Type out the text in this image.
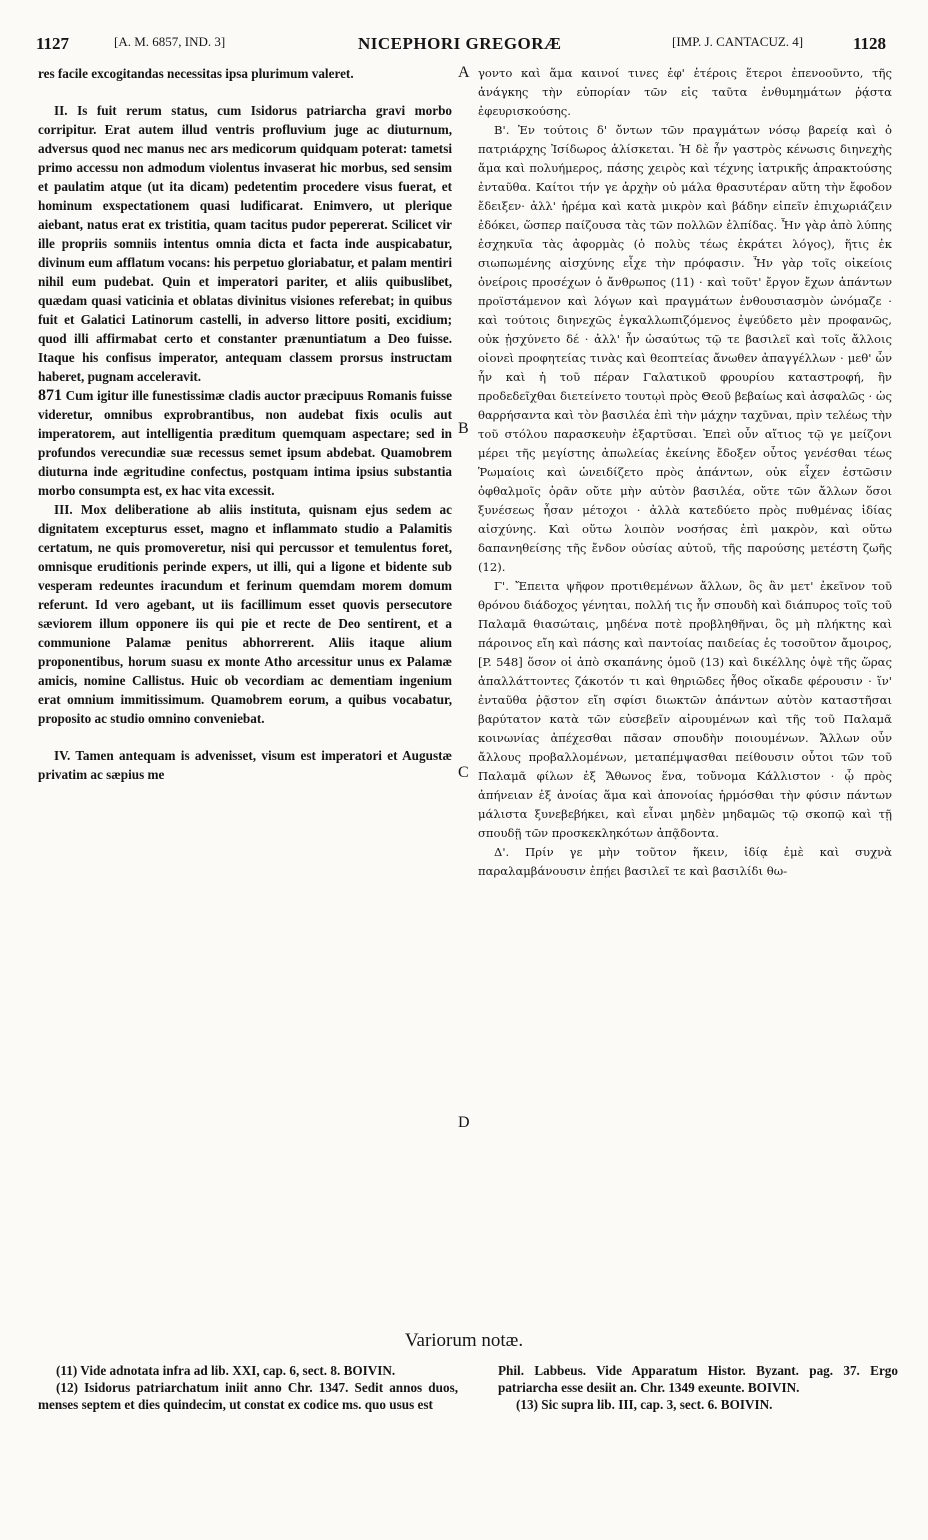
1127	[A. M. 6857, IND. 3]	NICEPHORI GREGORÆ	[IMP. J. CANTACUZ. 4]	1128

res facile excogitandas necessitas ipsa plurimum valeret.

II. Is fuit rerum status, cum Isidorus patriarcha gravi morbo corripitur. Erat autem illud ventris profluvium juge ac diuturnum, adversus quod nec manus nec ars medicorum quidquam poterat: tametsi primo accessu non admodum violentus invaserat hic morbus, sed sensim et paulatim atque (ut ita dicam) pedetentim procedere visus fuerat, et hominum exspectationem quasi ludificarat. Enimvero, ut plerique aiebant, natus erat ex tristitia, quam tacitus pudor pepererat. Scilicet vir ille propriis somniis intentus omnia dicta et facta inde auspicabatur, divinum eum afflatum vocans: his perpetuo gloriabatur, et palam mentiri nihil eum pudebat. Quin et imperatori pariter, et aliis quibuslibet, quædam quasi vaticinia et oblatas divinitus visiones referebat; in quibus fuit et Galatici Latinorum castelli, in adverso littore positi, excidium; quod illi affirmabat certo et constanter prænuntiatum a Deo fuisse. Itaque his confisus imperator, antequam classem prorsus instructam haberet, pugnam acceleravit.

871 Cum igitur ille funestissimæ cladis auctor præcipuus Romanis fuisse videretur, omnibus exprobrantibus, non audebat fixis oculis aut imperatorem, aut intelligentia præditum quemquam aspectare; sed in profundos verecundiæ suæ recessus semet ipsum abdebat. Quamobrem diuturna inde ægritudine confectus, postquam intima ipsius substantia morbo consumpta est, ex hac vita excessit.

III. Mox deliberatione ab aliis instituta, quisnam ejus sedem ac dignitatem excepturus esset, magno et inflammato studio a Palamitis certatum, ne quis promoveretur, nisi qui percussor et temulentus foret, omnisque eruditionis perinde expers, ut illi, qui a ligone et bidente sub vesperam redeuntes iracundum et ferinum quemdam morem domum referunt. Id vero agebant, ut iis facillimum esset quovis persecutore sæviorem illum opponere iis qui pie et recte de Deo sentirent, et a communione Palamæ penitus abhorrerent. Aliis itaque alium proponentibus, horum suasu ex monte Atho arcessitur unus ex Palamæ amicis, nomine Callistus. Huic ob vecordiam ac dementiam ingenium erat omnium immitissimum. Quamobrem eorum, a quibus vocabatur, proposito ac studio omnino conveniebat.

IV. Tamen antequam is advenisset, visum est imperatori et Augustæ privatim ac sæpius me

A
B
C
D

γοντο καὶ ἅμα καινοί τινες ἐφ' ἑτέροις ἕτεροι ἐπενοοῦντο, τῆς ἀνάγκης τὴν εὐπορίαν τῶν εἰς ταῦτα ἐνθυμημάτων ῥᾴστα ἐφευρισκούσης.

Β'. Ἐν τούτοις δ' ὄντων τῶν πραγμάτων νόσῳ βαρείᾳ καὶ ὁ πατριάρχης Ἰσίδωρος ἁλίσκεται. Ἡ δὲ ἦν γαστρὸς κένωσις διηνεχὴς ἅμα καὶ πολυήμερος, πάσης χειρὸς καὶ τέχνης ἰατρικῆς ἀπρακτούσης ἐνταῦθα. Καίτοι τήν γε ἀρχὴν οὐ μάλα θρασυτέραν αὕτη τὴν ἔφοδον ἔδειξεν· ἀλλ' ἠρέμα καὶ κατὰ μικρὸν καὶ βάδην εἰπεῖν ἐπιχωριάζειν ἐδόκει, ὥσπερ παίζουσα τὰς τῶν πολλῶν ἐλπίδας. Ἦν γὰρ ἀπὸ λύπης ἐσχηκυῖα τὰς ἀφορμὰς (ὁ πολὺς τέως ἐκράτει λόγος), ἥτις ἐκ σιωπωμένης αἰσχύνης εἶχε τὴν πρόφασιν. Ἦν γὰρ τοῖς οἰκείοις ὀνείροις προσέχων ὁ ἄνθρωπος (11) · καὶ τοῦτ' ἔργον ἔχων ἁπάντων προϊστάμενον καὶ λόγων καὶ πραγμάτων ἐνθουσιασμὸν ὠνόμαζε · καὶ τούτοις διηνεχῶς ἐγκαλλωπιζόμενος ἐψεύδετο μὲν προφανῶς, οὐκ ᾐσχύνετο δέ · ἀλλ' ἦν ὡσαύτως τῷ τε βασιλεῖ καὶ τοῖς ἄλλοις οἱονεὶ προφητείας τινὰς καὶ θεοπτείας ἄνωθεν ἀπαγγέλλων · μεθ' ὧν ἦν καὶ ἡ τοῦ πέραν Γαλατικοῦ φρουρίου καταστροφή, ἣν προδεδεῖχθαι διετείνετο τουτῳὶ πρὸς Θεοῦ βεβαίως καὶ ἀσφαλῶς · ὡς θαρρήσαντα καὶ τὸν βασιλέα ἐπὶ τὴν μάχην ταχῦναι, πρὶν τελέως τὴν τοῦ στόλου παρασκευὴν ἐξαρτῦσαι. Ἐπεὶ οὖν αἴτιος τῷ γε μείζονι μέρει τῆς μεγίστης ἀπωλείας ἐκείνης ἔδοξεν οὗτος γενέσθαι τέως Ῥωμαίοις καὶ ὠνειδίζετο πρὸς ἁπάντων, οὐκ εἶχεν ἐστῶσιν ὀφθαλμοῖς ὁρᾶν οὔτε μὴν αὐτὸν βασιλέα, οὔτε τῶν ἄλλων ὅσοι ξυνέσεως ἦσαν μέτοχοι · ἀλλὰ κατεδύετο πρὸς πυθμένας ἰδίας αἰσχύνης. Καὶ οὕτω λοιπὸν νοσήσας ἐπὶ μακρὸν, καὶ οὕτω δαπανηθείσης τῆς ἔνδον οὐσίας αὐτοῦ, τῆς παρούσης μετέστη ζωῆς (12).

Γ'. Ἔπειτα ψῆφον προτιθεμένων ἄλλων, ὃς ἂν μετ' ἐκεῖνον τοῦ θρόνου διάδοχος γένηται, πολλή τις ἦν σπουδὴ καὶ διάπυρος τοῖς τοῦ Παλαμᾶ θιασώταις, μηδένα ποτὲ προβληθῆναι, ὃς μὴ πλήκτης καὶ πάροινος εἴη καὶ πάσης καὶ παντοίας παιδείας ἐς τοσοῦτον ἄμοιρος, [P. 548] ὅσον οἱ ἀπὸ σκαπάνης ὁμοῦ (13) καὶ δικέλλης ὀψὲ τῆς ὥρας ἀπαλλάττοντες ζάκοτόν τι καὶ θηριῶδες ἦθος οἴκαδε φέρουσιν · ἵν' ἐνταῦθα ῥᾷστον εἴη σφίσι διωκτῶν ἁπάντων αὐτὸν καταστῆσαι βαρύτατον κατὰ τῶν εὐσεβεῖν αἱρουμένων καὶ τῆς τοῦ Παλαμᾶ κοινωνίας ἀπέχεσθαι πᾶσαν σπουδὴν ποιουμένων. Ἄλλων οὖν ἄλλους προβαλλομένων, μεταπέμψασθαι πείθουσιν οὗτοι τῶν τοῦ Παλαμᾶ φίλων ἐξ Ἄθωνος ἕνα, τοὔνομα Κάλλιστον · ᾧ πρὸς ἀπήνειαν ἐξ ἀνοίας ἅμα καὶ ἀπονοίας ἡρμόσθαι τὴν φύσιν πάντων μάλιστα ξυνεβεβήκει, καὶ εἶναι μηδὲν μηδαμῶς τῷ σκοπῷ καὶ τῇ σπουδῇ τῶν προσκεκληκότων ἀπᾷδοντα.

Δ'. Πρίν γε μὴν τοῦτον ἥκειν, ἰδίᾳ ἐμὲ καὶ συχνὰ παραλαμβάνουσιν ἐπῄει βασιλεῖ τε καὶ βασιλίδι θω-

Variorum notæ.

(11) Vide adnotata infra ad lib. XXI, cap. 6, sect. 8. BOIVIN.

(12) Isidorus patriarchatum iniit anno Chr. 1347. Sedit annos duos, menses septem et dies quindecim, ut constat ex codice ms. quo usus est

Phil. Labbeus. Vide Apparatum Histor. Byzant. pag. 37. Ergo patriarcha esse desiit an. Chr. 1349 exeunte. BOIVIN.

(13) Sic supra lib. III, cap. 3, sect. 6. BOIVIN.
